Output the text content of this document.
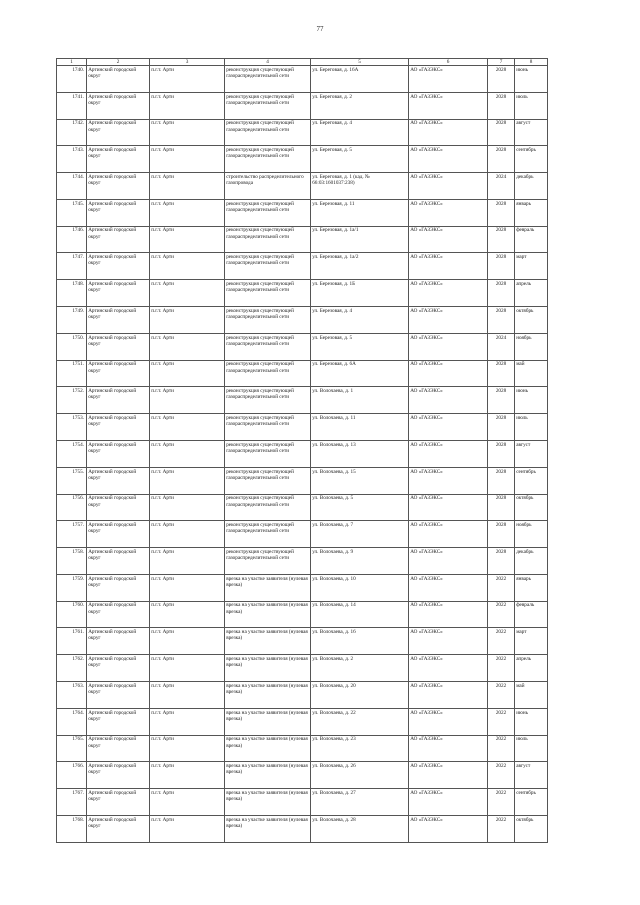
77
1	2	3	4	5	6	7	8
1740.	Артинский городской округ	п.г.т. Арти	реконструкция существующей газораспределительной сети	ул. Береговая, д. 16А	АО «ГАЗЭКС»	2028	июнь
1741.	Артинский городской округ	п.г.т. Арти	реконструкция существующей газораспределительной сети	ул. Береговая, д. 2	АО «ГАЗЭКС»	2028	июль
1742.	Артинский городской округ	п.г.т. Арти	реконструкция существующей газораспределительной сети	ул. Береговая, д. 4	АО «ГАЗЭКС»	2028	август
1743.	Артинский городской округ	п.г.т. Арти	реконструкция существующей газораспределительной сети	ул. Береговая, д. 5	АО «ГАЗЭКС»	2028	сентябрь
1744.	Артинский городской округ	п.г.т. Арти	строительство распределительного газопровода	ул. Береговая, д. 1 (кад. № 66:03:1601037:238)	АО «ГАЗЭКС»	2024	декабрь
1745.	Артинский городской округ	п.г.т. Арти	реконструкция существующей газораспределительной сети	ул. Березовая, д. 11	АО «ГАЗЭКС»	2028	январь
1746.	Артинский городской округ	п.г.т. Арти	реконструкция существующей газораспределительной сети	ул. Березовая, д. 1а/1	АО «ГАЗЭКС»	2028	февраль
1747.	Артинский городской округ	п.г.т. Арти	реконструкция существующей газораспределительной сети	ул. Березовая, д. 1а/2	АО «ГАЗЭКС»	2028	март
1748.	Артинский городской округ	п.г.т. Арти	реконструкция существующей газораспределительной сети	ул. Березовая, д. 1Б	АО «ГАЗЭКС»	2028	апрель
1749.	Артинский городской округ	п.г.т. Арти	реконструкция существующей газораспределительной сети	ул. Березовая, д. 4	АО «ГАЗЭКС»	2028	октябрь
1750.	Артинский городской округ	п.г.т. Арти	реконструкция существующей газораспределительной сети	ул. Березовая, д. 5	АО «ГАЗЭКС»	2024	ноябрь
1751.	Артинский городской округ	п.г.т. Арти	реконструкция существующей газораспределительной сети	ул. Березовая, д. 6А	АО «ГАЗЭКС»	2028	май
1752.	Артинский городской округ	п.г.т. Арти	реконструкция существующей газораспределительной сети	ул. Волочаева, д. 1	АО «ГАЗЭКС»	2028	июнь
1753.	Артинский городской округ	п.г.т. Арти	реконструкция существующей газораспределительной сети	ул. Волочаева, д. 11	АО «ГАЗЭКС»	2028	июль
1754.	Артинский городской округ	п.г.т. Арти	реконструкция существующей газораспределительной сети	ул. Волочаева, д. 13	АО «ГАЗЭКС»	2028	август
1755.	Артинский городской округ	п.г.т. Арти	реконструкция существующей газораспределительной сети	ул. Волочаева, д. 15	АО «ГАЗЭКС»	2028	сентябрь
1756.	Артинский городской округ	п.г.т. Арти	реконструкция существующей газораспределительной сети	ул. Волочаева, д. 5	АО «ГАЗЭКС»	2028	октябрь
1757.	Артинский городской округ	п.г.т. Арти	реконструкция существующей газораспределительной сети	ул. Волочаева, д. 7	АО «ГАЗЭКС»	2028	ноябрь
1758.	Артинский городской округ	п.г.т. Арти	реконструкция существующей газораспределительной сети	ул. Волочаева, д. 9	АО «ГАЗЭКС»	2028	декабрь
1759.	Артинский городской округ	п.г.т. Арти	врезка на участке заявителя (нулевая врезка)	ул. Волочаева, д. 10	АО «ГАЗЭКС»	2022	январь
1760.	Артинский городской округ	п.г.т. Арти	врезка на участке заявителя (нулевая врезка)	ул. Волочаева, д. 14	АО «ГАЗЭКС»	2022	февраль
1761.	Артинский городской округ	п.г.т. Арти	врезка на участке заявителя (нулевая врезка)	ул. Волочаева, д. 16	АО «ГАЗЭКС»	2022	март
1762.	Артинский городской округ	п.г.т. Арти	врезка на участке заявителя (нулевая врезка)	ул. Волочаева, д. 2	АО «ГАЗЭКС»	2022	апрель
1763.	Артинский городской округ	п.г.т. Арти	врезка на участке заявителя (нулевая врезка)	ул. Волочаева, д. 20	АО «ГАЗЭКС»	2022	май
1764.	Артинский городской округ	п.г.т. Арти	врезка на участке заявителя (нулевая врезка)	ул. Волочаева, д. 22	АО «ГАЗЭКС»	2022	июнь
1765.	Артинский городской округ	п.г.т. Арти	врезка на участке заявителя (нулевая врезка)	ул. Волочаева, д. 23	АО «ГАЗЭКС»	2022	июль
1766.	Артинский городской округ	п.г.т. Арти	врезка на участке заявителя (нулевая врезка)	ул. Волочаева, д. 26	АО «ГАЗЭКС»	2022	август
1767.	Артинский городской округ	п.г.т. Арти	врезка на участке заявителя (нулевая врезка)	ул. Волочаева, д. 27	АО «ГАЗЭКС»	2022	сентябрь
1768.	Артинский городской округ	п.г.т. Арти	врезка на участке заявителя (нулевая врезка)	ул. Волочаева, д. 28	АО «ГАЗЭКС»	2022	октябрь
